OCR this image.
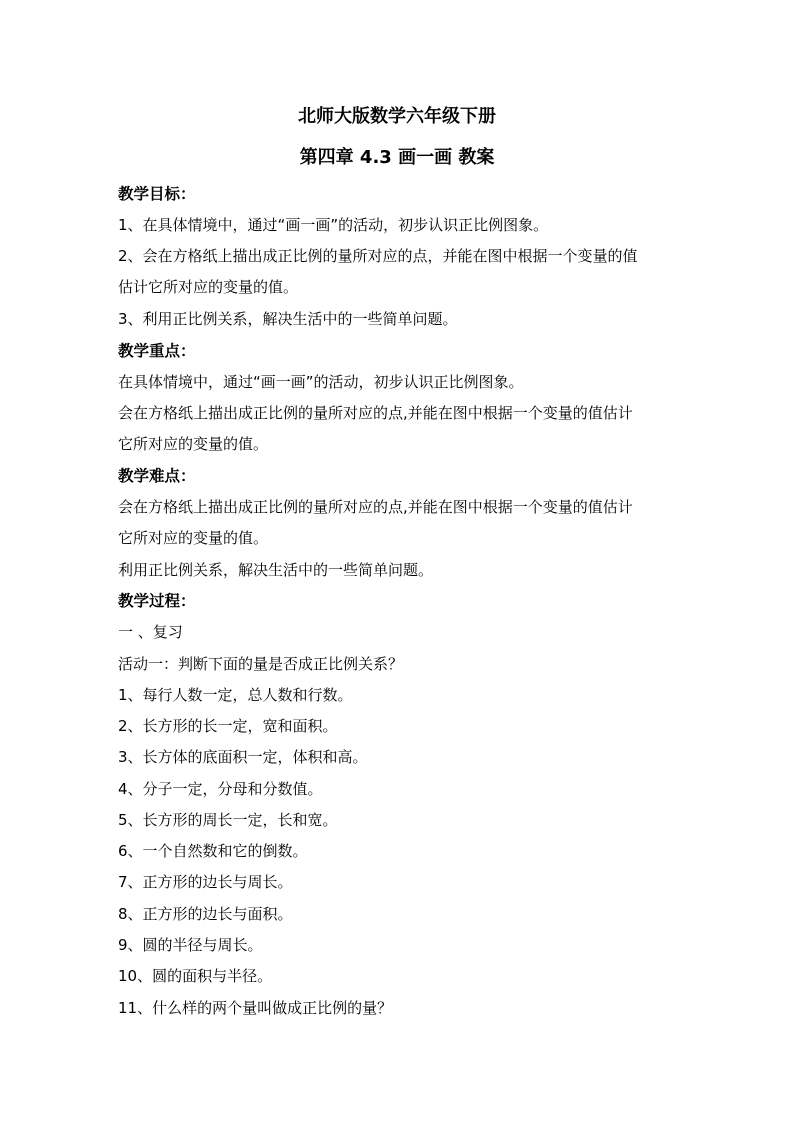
北师大版数学六年级下册
第四章 4.3 画一画 教案
教学目标：
1、在具体情境中，通过“画一画”的活动，初步认识正比例图象。
2、会在方格纸上描出成正比例的量所对应的点，并能在图中根据一个变量的值
估计它所对应的变量的值。
3、利用正比例关系，解决生活中的一些简单问题。
教学重点：
在具体情境中，通过“画一画”的活动，初步认识正比例图象。
会在方格纸上描出成正比例的量所对应的点,并能在图中根据一个变量的值估计
它所对应的变量的值。
教学难点：
会在方格纸上描出成正比例的量所对应的点,并能在图中根据一个变量的值估计
它所对应的变量的值。
利用正比例关系，解决生活中的一些简单问题。
教学过程：
一 、复习
活动一：判断下面的量是否成正比例关系？
1、每行人数一定，总人数和行数。
2、长方形的长一定，宽和面积。
3、长方体的底面积一定，体积和高。
4、分子一定，分母和分数值。
5、长方形的周长一定，长和宽。
6、一个自然数和它的倒数。
7、正方形的边长与周长。
8、正方形的边长与面积。
9、圆的半径与周长。
10、圆的面积与半径。
11、什么样的两个量叫做成正比例的量？
